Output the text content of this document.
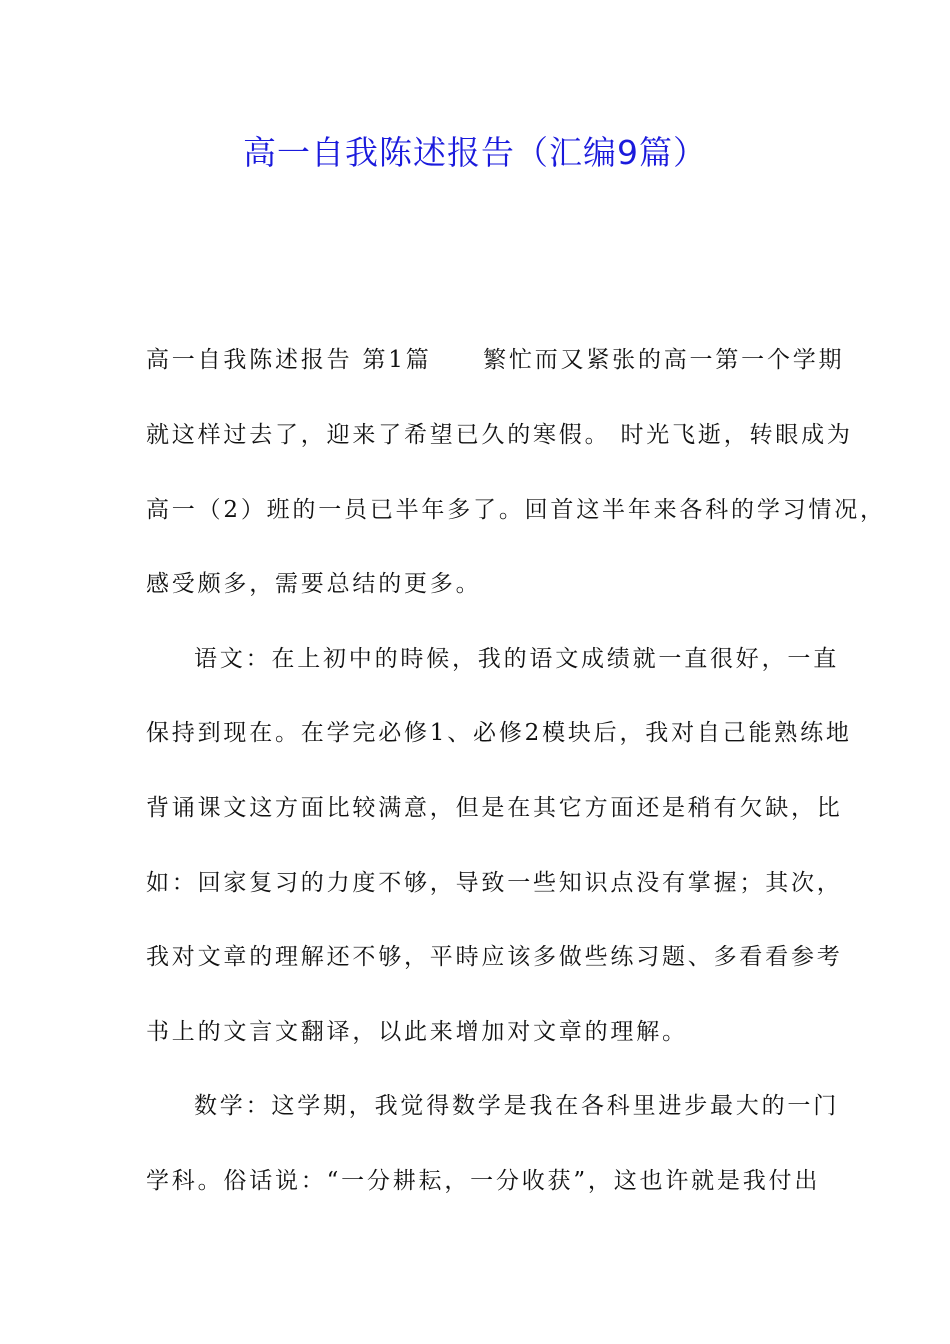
高一自我陈述报告（汇编9篇）

高一自我陈述报告 第1篇　　繁忙而又紧张的高一第一个学期

就这样过去了，迎来了希望已久的寒假。 时光飞逝，转眼成为

高一（2）班的一员已半年多了。回首这半年来各科的学习情况，

感受颇多，需要总结的更多。

语文：在上初中的時候，我的语文成绩就一直很好，一直

保持到现在。在学完必修1、必修2模块后，我对自己能熟练地

背诵课文这方面比较满意，但是在其它方面还是稍有欠缺，比

如：回家复习的力度不够，导致一些知识点没有掌握；其次，

我对文章的理解还不够，平時应该多做些练习题、多看看参考

书上的文言文翻译，以此来增加对文章的理解。

数学：这学期，我觉得数学是我在各科里进步最大的一门

学科。俗话说：“一分耕耘，一分收获”，这也许就是我付出
